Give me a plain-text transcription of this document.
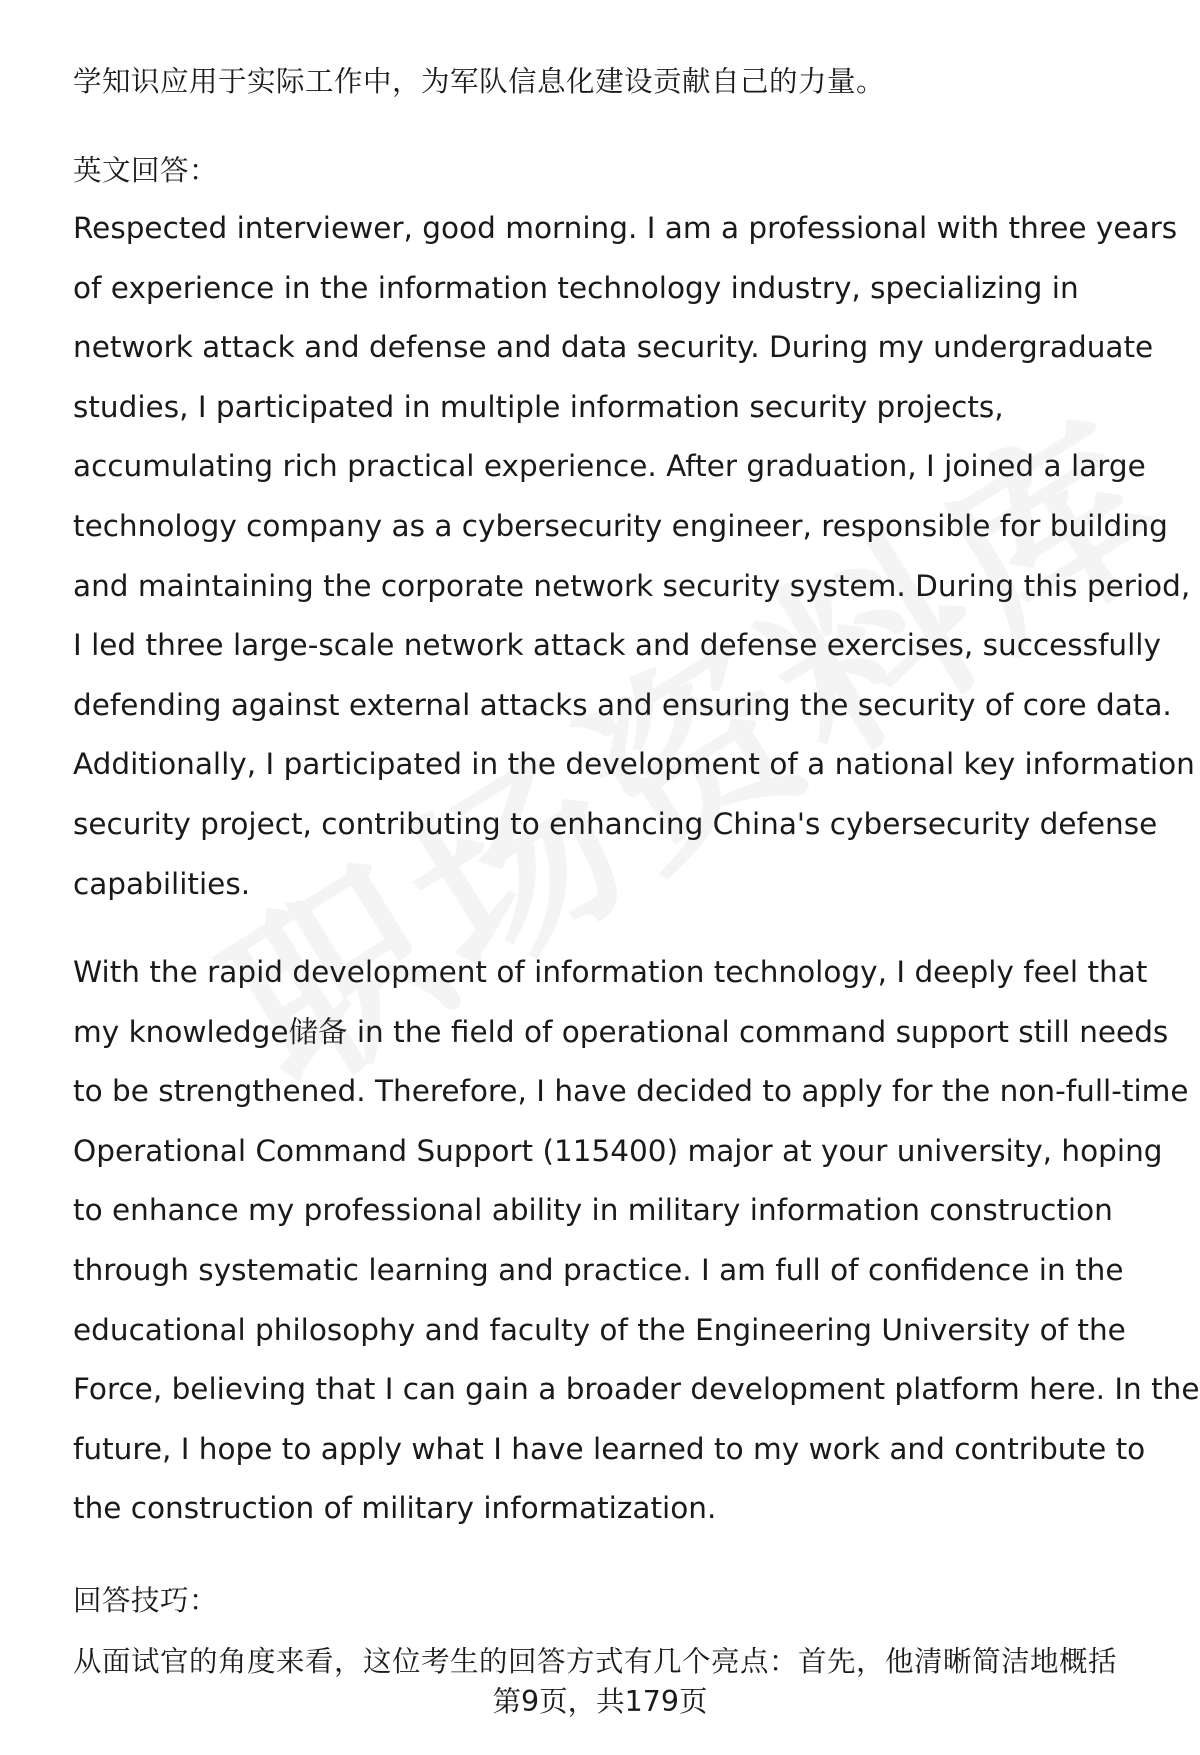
学知识应用于实际工作中，为军队信息化建设贡献自己的力量。

英文回答：

Respected interviewer, good morning. I am a professional with three years

of experience in the information technology industry, specializing in

network attack and defense and data security. During my undergraduate

studies, I participated in multiple information security projects,

accumulating rich practical experience. After graduation, I joined a large

technology company as a cybersecurity engineer, responsible for building

and maintaining the corporate network security system. During this period,

I led three large-scale network attack and defense exercises, successfully

defending against external attacks and ensuring the security of core data.

Additionally, I participated in the development of a national key information

security project, contributing to enhancing China's cybersecurity defense

capabilities.

With the rapid development of information technology, I deeply feel that

my knowledge储备 in the field of operational command support still needs

to be strengthened. Therefore, I have decided to apply for the non-full-time

Operational Command Support (115400) major at your university, hoping

to enhance my professional ability in military information construction

through systematic learning and practice. I am full of confidence in the

educational philosophy and faculty of the Engineering University of the

Force, believing that I can gain a broader development platform here. In the

future, I hope to apply what I have learned to my work and contribute to

the construction of military informatization.

回答技巧：

从面试官的角度来看，这位考生的回答方式有几个亮点：首先，他清晰简洁地概括

第9页，共179页
